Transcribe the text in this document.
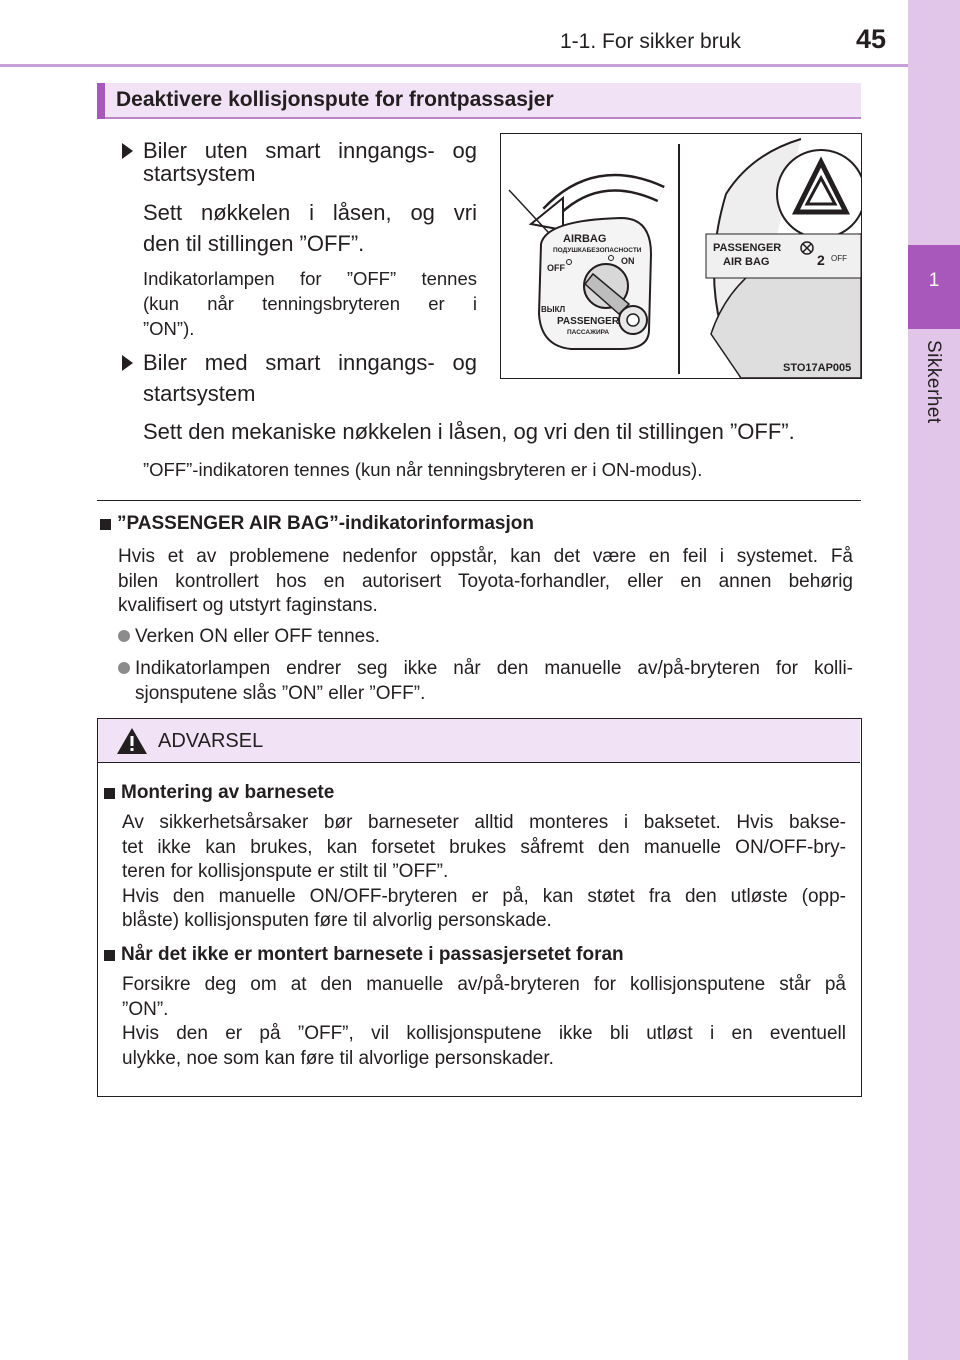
1-1. For sikker bruk	45
1
Sikkerhet
Deaktivere kollisjonspute for frontpassasjer
Biler uten smart inngangs- og
startsystem
Sett nøkkelen i låsen, og vri
den til stillingen ”OFF”.
Indikatorlampen for ”OFF” tennes
(kun når tenningsbryteren er i
”ON”).
Biler med smart inngangs- og
startsystem
Sett den mekaniske nøkkelen i låsen, og vri den til stillingen ”OFF”.
”OFF”-indikatoren tennes (kun når tenningsbryteren er i ON-modus).
AIRBAG
ПОДУШКАБЕЗОПАСНОСТИ
OFF
ON
ВЫКЛ
PASSENGER
ПАССАЖИРА
PASSENGER
AIR BAG	2 OFF
STO17AP005
”PASSENGER AIR BAG”-indikatorinformasjon
Hvis et av problemene nedenfor oppstår, kan det være en feil i systemet. Få
bilen kontrollert hos en autorisert Toyota-forhandler, eller en annen behørig
kvalifisert og utstyrt faginstans.
Verken ON eller OFF tennes.
Indikatorlampen endrer seg ikke når den manuelle av/på-bryteren for kolli-
sjonsputene slås ”ON” eller ”OFF”.
ADVARSEL
Montering av barnesete
Av sikkerhetsårsaker bør barneseter alltid monteres i baksetet. Hvis bakse-
tet ikke kan brukes, kan forsetet brukes såfremt den manuelle ON/OFF-bry-
teren for kollisjonspute er stilt til ”OFF”.
Hvis den manuelle ON/OFF-bryteren er på, kan støtet fra den utløste (opp-
blåste) kollisjonsputen føre til alvorlig personskade.
Når det ikke er montert barnesete i passasjersetet foran
Forsikre deg om at den manuelle av/på-bryteren for kollisjonsputene står på
”ON”.
Hvis den er på ”OFF”, vil kollisjonsputene ikke bli utløst i en eventuell
ulykke, noe som kan føre til alvorlige personskader.
